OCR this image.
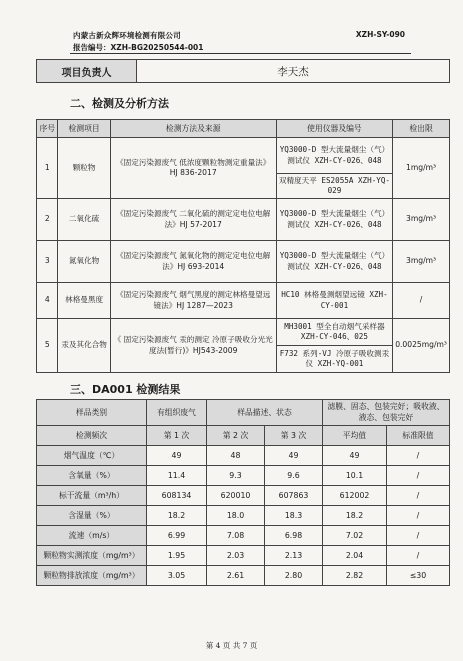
内蒙古新众辉环境检测有限公司	XZH-SY-090
报告编号：XZH-BG20250544-001
项目负责人	李天杰
二、检测及分析方法
序号	检测项目	检测方法及来源	使用仪器及编号	检出限
1	颗粒物	《固定污染源废气 低浓度颗粒物测定重量法》HJ 836-2017	YQ3000-D 型大流量烟尘（气）测试仪 XZH-CY-026、048	1mg/m³
			双精度天平 ES2055A XZH-YQ-029	
2	二氧化硫	《固定污染源废气 二氧化硫的测定定电位电解法》HJ 57-2017	YQ3000-D 型大流量烟尘（气）测试仪 XZH-CY-026、048	3mg/m³
3	氮氧化物	《固定污染源废气 氮氧化物的测定定电位电解法》HJ 693-2014	YQ3000-D 型大流量烟尘（气）测试仪 XZH-CY-026、048	3mg/m³
4	林格曼黑度	《固定污染源废气 烟气黑度的测定林格曼望远镜法》HJ 1287—2023	HC10 林格曼测烟望远镜 XZH-CY-001	/
5	汞及其化合物	《 固定污染源废气 汞的测定 冷原子吸收分光光度法(暂行)》HJ543-2009	MH3001 型全自动烟气采样器 XZH-CY-046、025	0.0025mg/m³
			F732 系列-VJ 冷原子吸收测汞仪 XZH-YQ-001	
三、DA001 检测结果
样品类别	有组织废气	样品描述、状态		滤膜、固态、包装完好；吸收液、液态、包装完好	
检测频次	第 1 次	第 2 次	第 3 次	平均值	标准限值
烟气温度（℃）	49	48	49	49	/
含氧量（%）	11.4	9.3	9.6	10.1	/
标干流量（m³/h）	608134	620010	607863	612002	/
含湿量（%）	18.2	18.0	18.3	18.2	/
流速（m/s）	6.99	7.08	6.98	7.02	/
颗粒物实测浓度（mg/m³）	1.95	2.03	2.13	2.04	/
颗粒物排放浓度（mg/m³）	3.05	2.61	2.80	2.82	≤30
第 4 页 共 7 页
